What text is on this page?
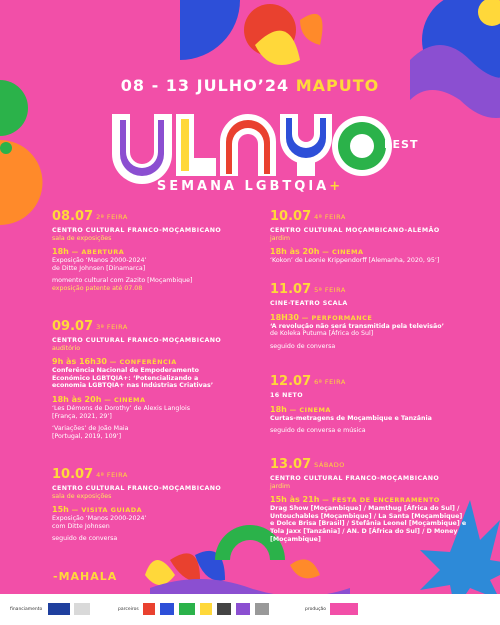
08 - 13 JULHO’24 MAPUTO
FEST
SEMANA LGBTQIA+
08.07 $^{2ª FEIRA}$
CENTRO CULTURAL FRANCO-MOÇAMBICANO
sala de exposições
18h — ABERTURA
Exposição ‘Manos 2000-2024’
de Ditte Johnsen [Dinamarca]
momento cultural com Zazito [Moçambique]
exposição patente até 07.08
09.07 $^{3ª FEIRA}$
CENTRO CULTURAL FRANCO-MOÇAMBICANO
auditório
9h às 16h30 — CONFERÊNCIA
Conferência Nacional de Empoderamento
Económico LGBTQIA+: ‘Potencializando a
economia LGBTQIA+ nas Indústrias Criativas’
18h às 20h — CINEMA
‘Les Démons de Dorothy’ de Alexis Langlois
[França, 2021, 29’]
‘Variações’ de João Maia
[Portugal, 2019, 109’]
10.07 $^{4ª FEIRA}$
CENTRO CULTURAL FRANCO-MOÇAMBICANO
sala de exposições
15h — VISITA GUIADA
Exposição ‘Manos 2000-2024’
com Ditte Johnsen
seguido de conversa
10.07 $^{4ª FEIRA}$
CENTRO CULTURAL MOÇAMBICANO-ALEMÃO
jardim
18h às 20h — CINEMA
‘Kokon’ de Leonie Krippendorff [Alemanha, 2020, 95’]
11.07 $^{5ª FEIRA}$
CINE-TEATRO SCALA
18H30 — PERFORMANCE
‘A revolução não será transmitida pela televisão’
de Koleka Putuma [África do Sul]
seguido de conversa
12.07 $^{6ª FEIRA}$
16 NETO
18h — CINEMA
Curtas-metragens de Moçambique e Tanzânia
seguido de conversa e música
13.07 $^{SÁBADO}$
CENTRO CULTURAL FRANCO-MOÇAMBICANO
jardim
15h às 21h — FESTA DE ENCERRAMENTO
Drag Show [Moçambique] / Mamthug [África do Sul] /
Untouchables [Moçambique] / La Santa [Moçambique]
e Dolce Brisa [Brasil] / Stefânia Leonel [Moçambique] e
Tola Jaxx [Tanzânia] / AN. D [África do Sul] / D Money
[Moçambique]
-MAHALA
financiamento	parceiros	produção
